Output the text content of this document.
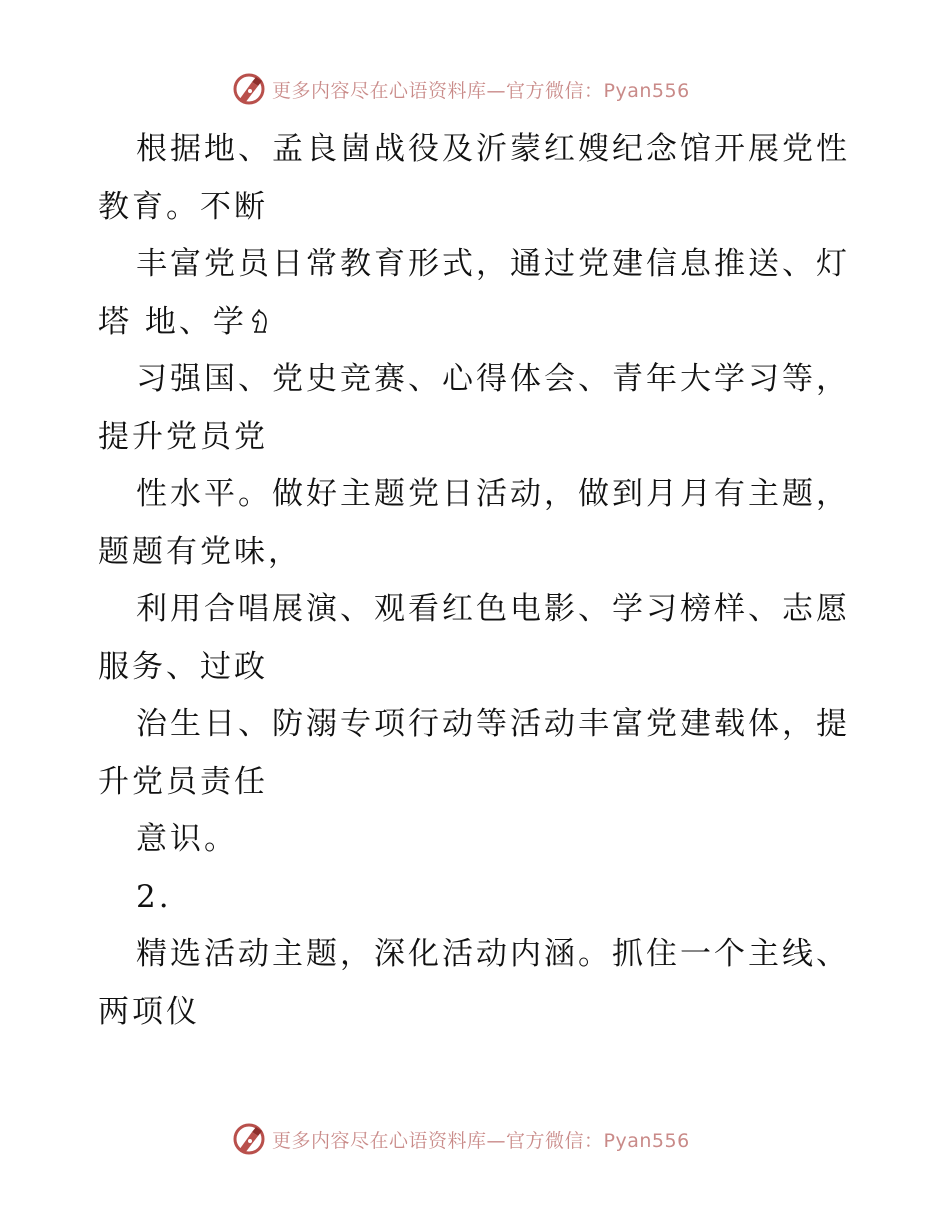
更多内容尽在心语资料库—官方微信：Pyan556
根据地、孟良崮战役及沂蒙红嫂纪念馆开展党性
教育。不断
丰富党员日常教育形式，通过党建信息推送、灯
塔 地、学
习强国、党史竞赛、心得体会、青年大学习等，
提升党员党
性水平。做好主题党日活动，做到月月有主题，
题题有党味，
利用合唱展演、观看红色电影、学习榜样、志愿
服务、过政
治生日、防溺专项行动等活动丰富党建载体，提
升党员责任
意识。
2.
精选活动主题，深化活动内涵。抓住一个主线、
两项仪
更多内容尽在心语资料库—官方微信：Pyan556
